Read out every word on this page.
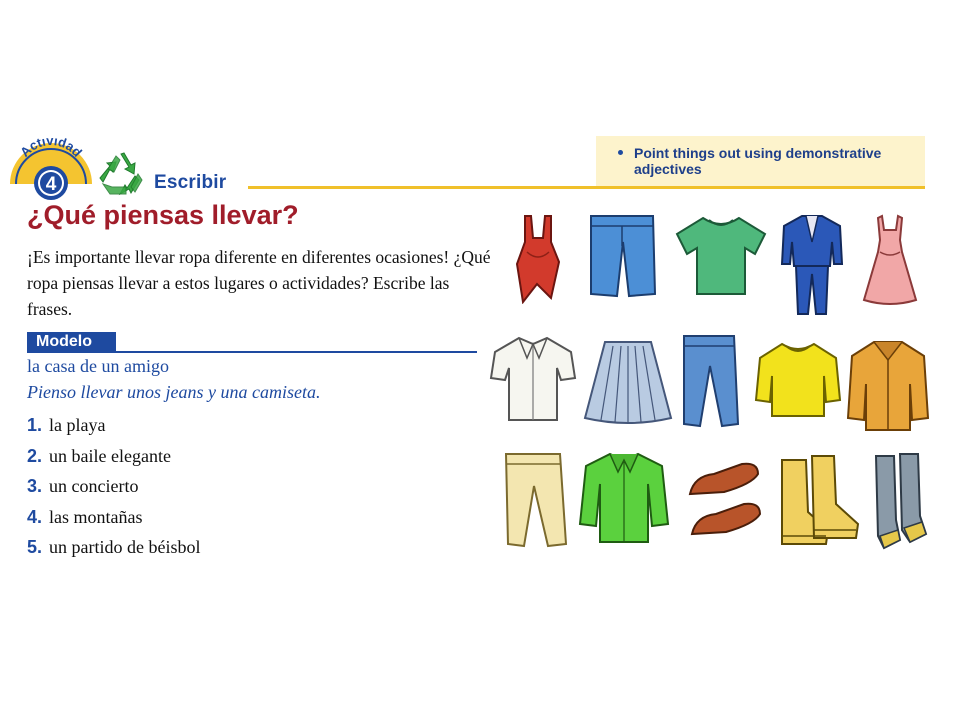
4
Actividad
Escribir
Point things out using demonstrative adjectives
¿Qué piensas llevar?
¡Es importante llevar ropa diferente en diferentes ocasiones! ¿Qué ropa piensas llevar a estos lugares o actividades? Escribe las frases.
Modelo
la casa de un amigo
Pienso llevar unos jeans y una camiseta.
1. la playa
2. un baile elegante
3. un concierto
4. las montañas
5. un partido de béisbol
